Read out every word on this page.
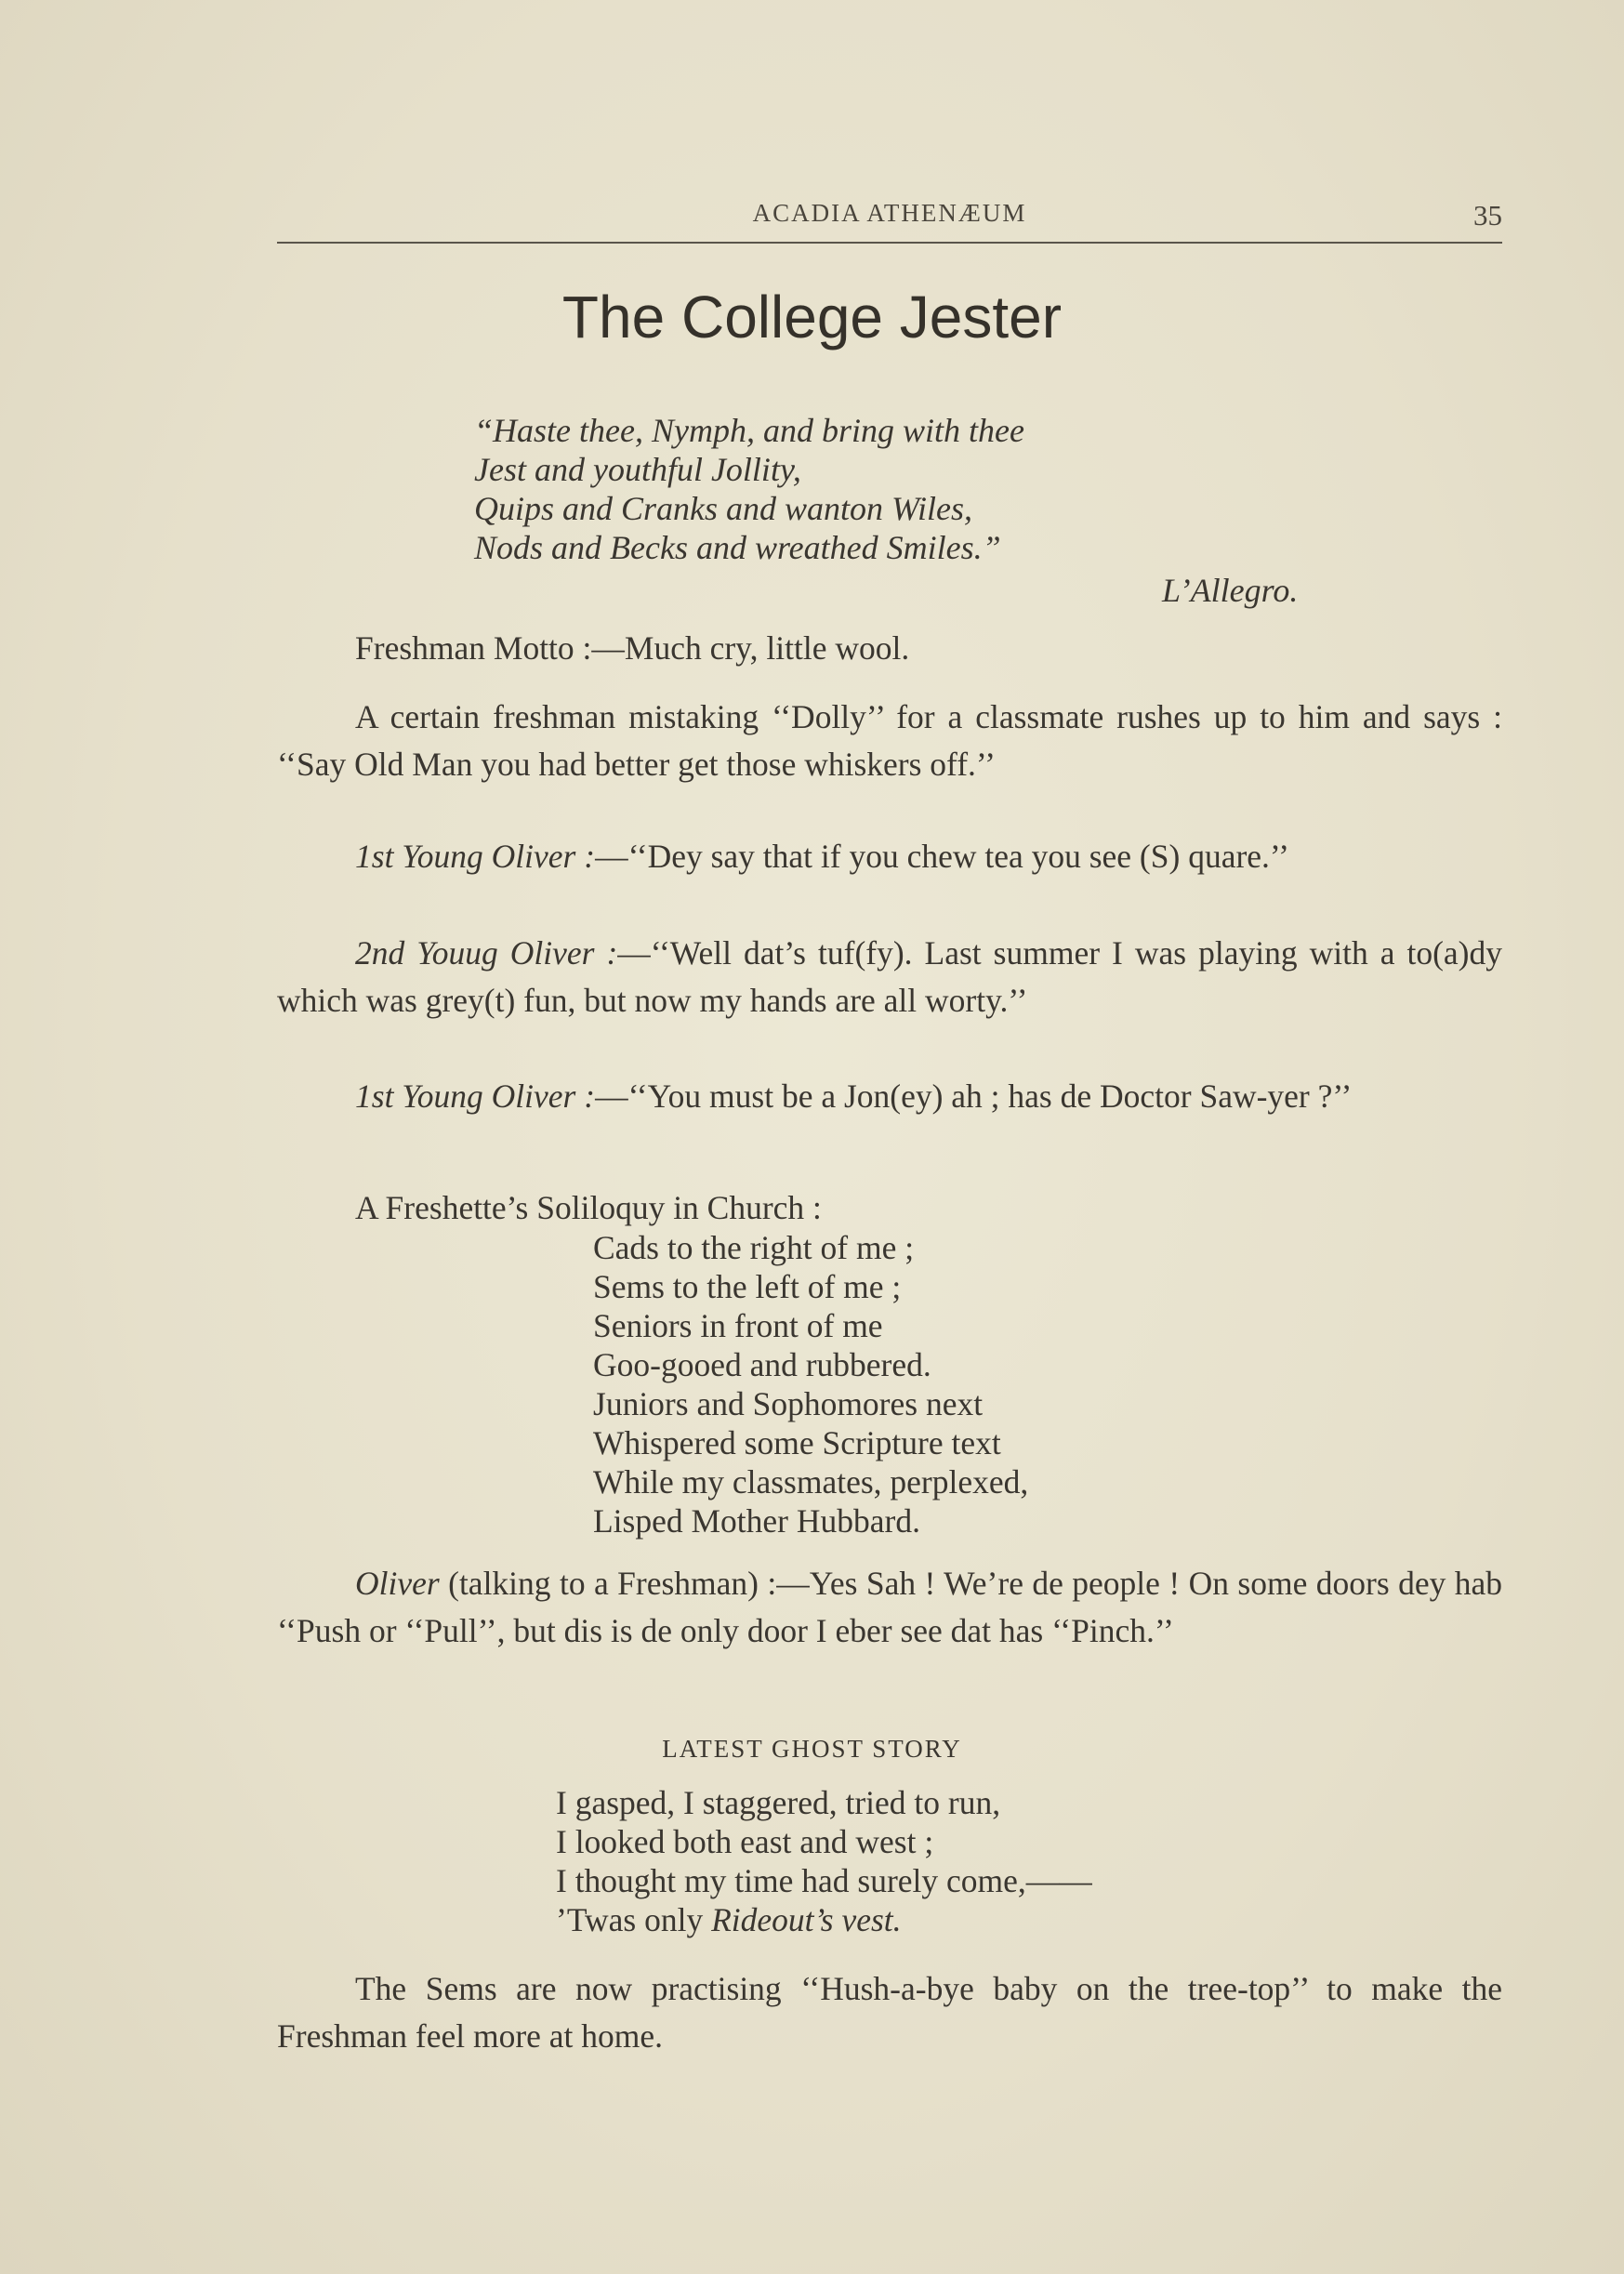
ACADIA ATHENÆUM	35
The College Jester
“Haste thee, Nymph, and bring with thee
Jest and youthful Jollity,
Quips and Cranks and wanton Wiles,
Nods and Becks and wreathed Smiles.”
L’Allegro.
Freshman Motto :—Much cry, little wool.
A certain freshman mistaking ‘‘Dolly’’ for a classmate rushes up to him and says : ‘‘Say Old Man you had better get those whiskers off.’’
1st Young Oliver :—‘‘Dey say that if you chew tea you see (S) quare.’’
2nd Youug Oliver :—‘‘Well dat’s tuf(fy). Last summer I was playing with a to(a)dy which was grey(t) fun, but now my hands are all worty.’’
1st Young Oliver :—‘‘You must be a Jon(ey) ah ; has de Doctor Saw-yer ?’’
A Freshette’s Soliloquy in Church :
Cads to the right of me ;
Sems to the left of me ;
Seniors in front of me
Goo-gooed and rubbered.
Juniors and Sophomores next
Whispered some Scripture text
While my classmates, perplexed,
Lisped Mother Hubbard.
Oliver (talking to a Freshman) :—Yes Sah ! We’re de people ! On some doors dey hab ‘‘Push or ‘‘Pull’’, but dis is de only door I eber see dat has ‘‘Pinch.’’
LATEST GHOST STORY
I gasped, I staggered, tried to run,
I looked both east and west ;
I thought my time had surely come,——
’Twas only Rideout’s vest.
The Sems are now practising ‘‘Hush-a-bye baby on the tree-top’’ to make the Freshman feel more at home.
